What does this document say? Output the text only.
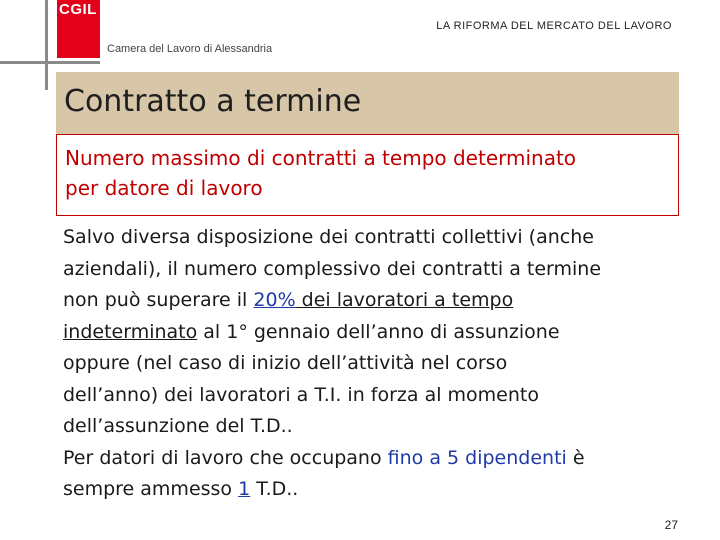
CGIL
LA RIFORMA DEL MERCATO DEL LAVORO
Camera del Lavoro di Alessandria
Contratto a termine
Numero massimo di contratti a tempo determinato
per datore di lavoro
Salvo diversa disposizione dei contratti collettivi (anche
aziendali), il numero complessivo dei contratti a termine
non può superare il 20% dei lavoratori a tempo
indeterminato al 1° gennaio dell’anno di assunzione
oppure (nel caso di inizio dell’attività nel corso
dell’anno) dei lavoratori a T.I. in forza al momento
dell’assunzione del T.D..
Per datori di lavoro che occupano fino a 5 dipendenti è
sempre ammesso 1 T.D..
27
